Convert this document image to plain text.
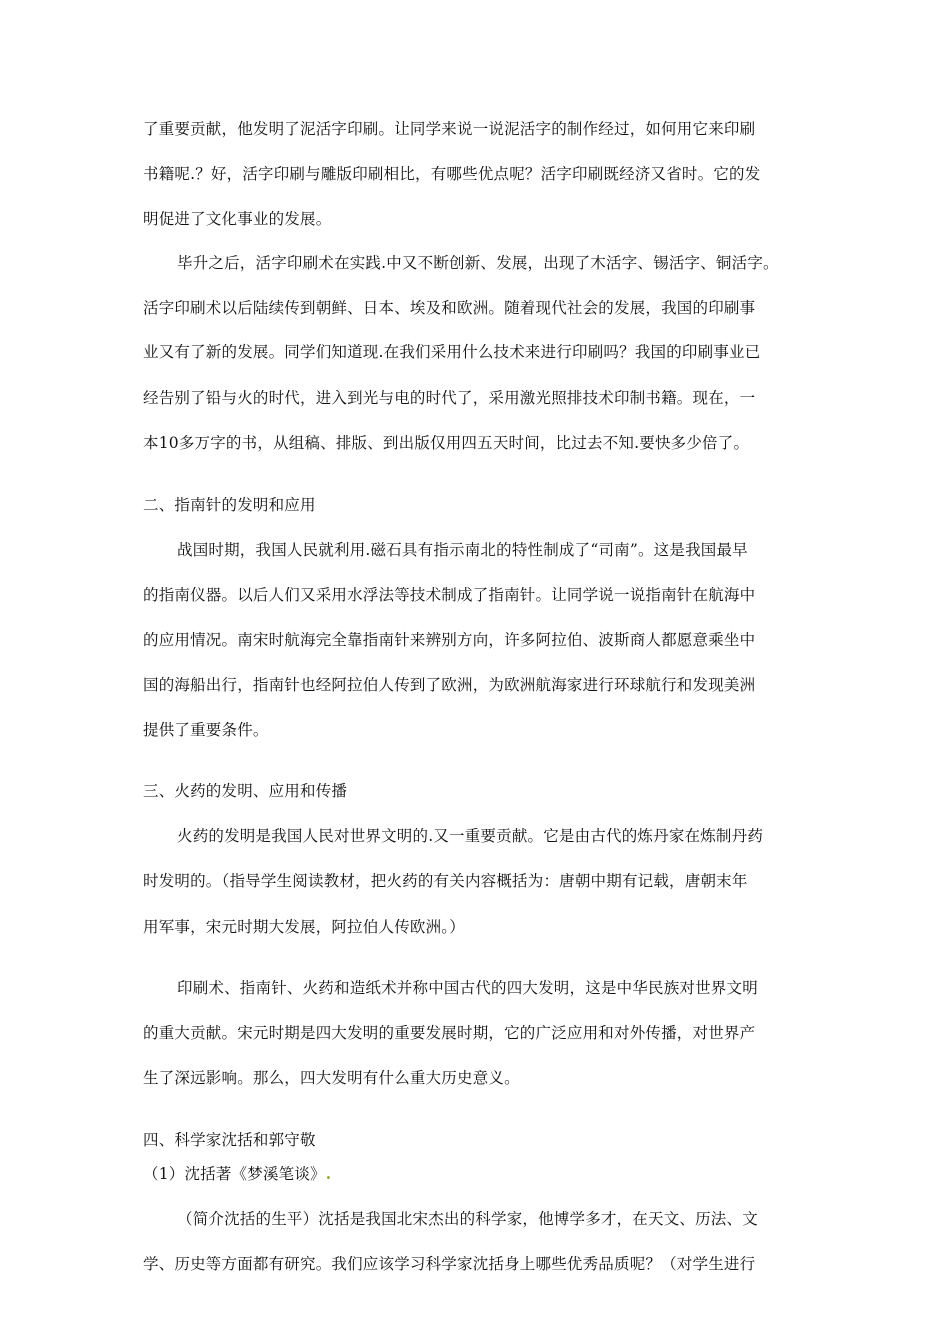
了重要贡献，他发明了泥活字印刷。让同学来说一说泥活字的制作经过，如何用它来印刷
书籍呢.？好，活字印刷与雕版印刷相比，有哪些优点呢？活字印刷既经济又省时。它的发
明促进了文化事业的发展。
毕升之后，活字印刷术在实践.中又不断创新、发展，出现了木活字、锡活字、铜活字。
活字印刷术以后陆续传到朝鲜、日本、埃及和欧洲。随着现代社会的发展，我国的印刷事
业又有了新的发展。同学们知道现.在我们采用什么技术来进行印刷吗？我国的印刷事业已
经告别了铅与火的时代，进入到光与电的时代了，采用激光照排技术印制书籍。现在，一
本10多万字的书，从组稿、排版、到出版仅用四五天时间，比过去不知.要快多少倍了。
二、指南针的发明和应用
战国时期，我国人民就利用.磁石具有指示南北的特性制成了“司南”。这是我国最早
的指南仪器。以后人们又采用水浮法等技术制成了指南针。让同学说一说指南针在航海中
的应用情况。南宋时航海完全靠指南针来辨别方向，许多阿拉伯、波斯商人都愿意乘坐中
国的海船出行，指南针也经阿拉伯人传到了欧洲，为欧洲航海家进行环球航行和发现美洲
提供了重要条件。
三、火药的发明、应用和传播
火药的发明是我国人民对世界文明的.又一重要贡献。它是由古代的炼丹家在炼制丹药
时发明的。（指导学生阅读教材，把火药的有关内容概括为：唐朝中期有记载，唐朝末年
用军事，宋元时期大发展，阿拉伯人传欧洲。）
印刷术、指南针、火药和造纸术并称中国古代的四大发明，这是中华民族对世界文明
的重大贡献。宋元时期是四大发明的重要发展时期，它的广泛应用和对外传播，对世界产
生了深远影响。那么，四大发明有什么重大历史意义。
四、科学家沈括和郭守敬
（1）沈括著《梦溪笔谈》.
（简介沈括的生平）沈括是我国北宋杰出的科学家，他博学多才，在天文、历法、文
学、历史等方面都有研究。我们应该学习科学家沈括身上哪些优秀品质呢？（对学生进行
